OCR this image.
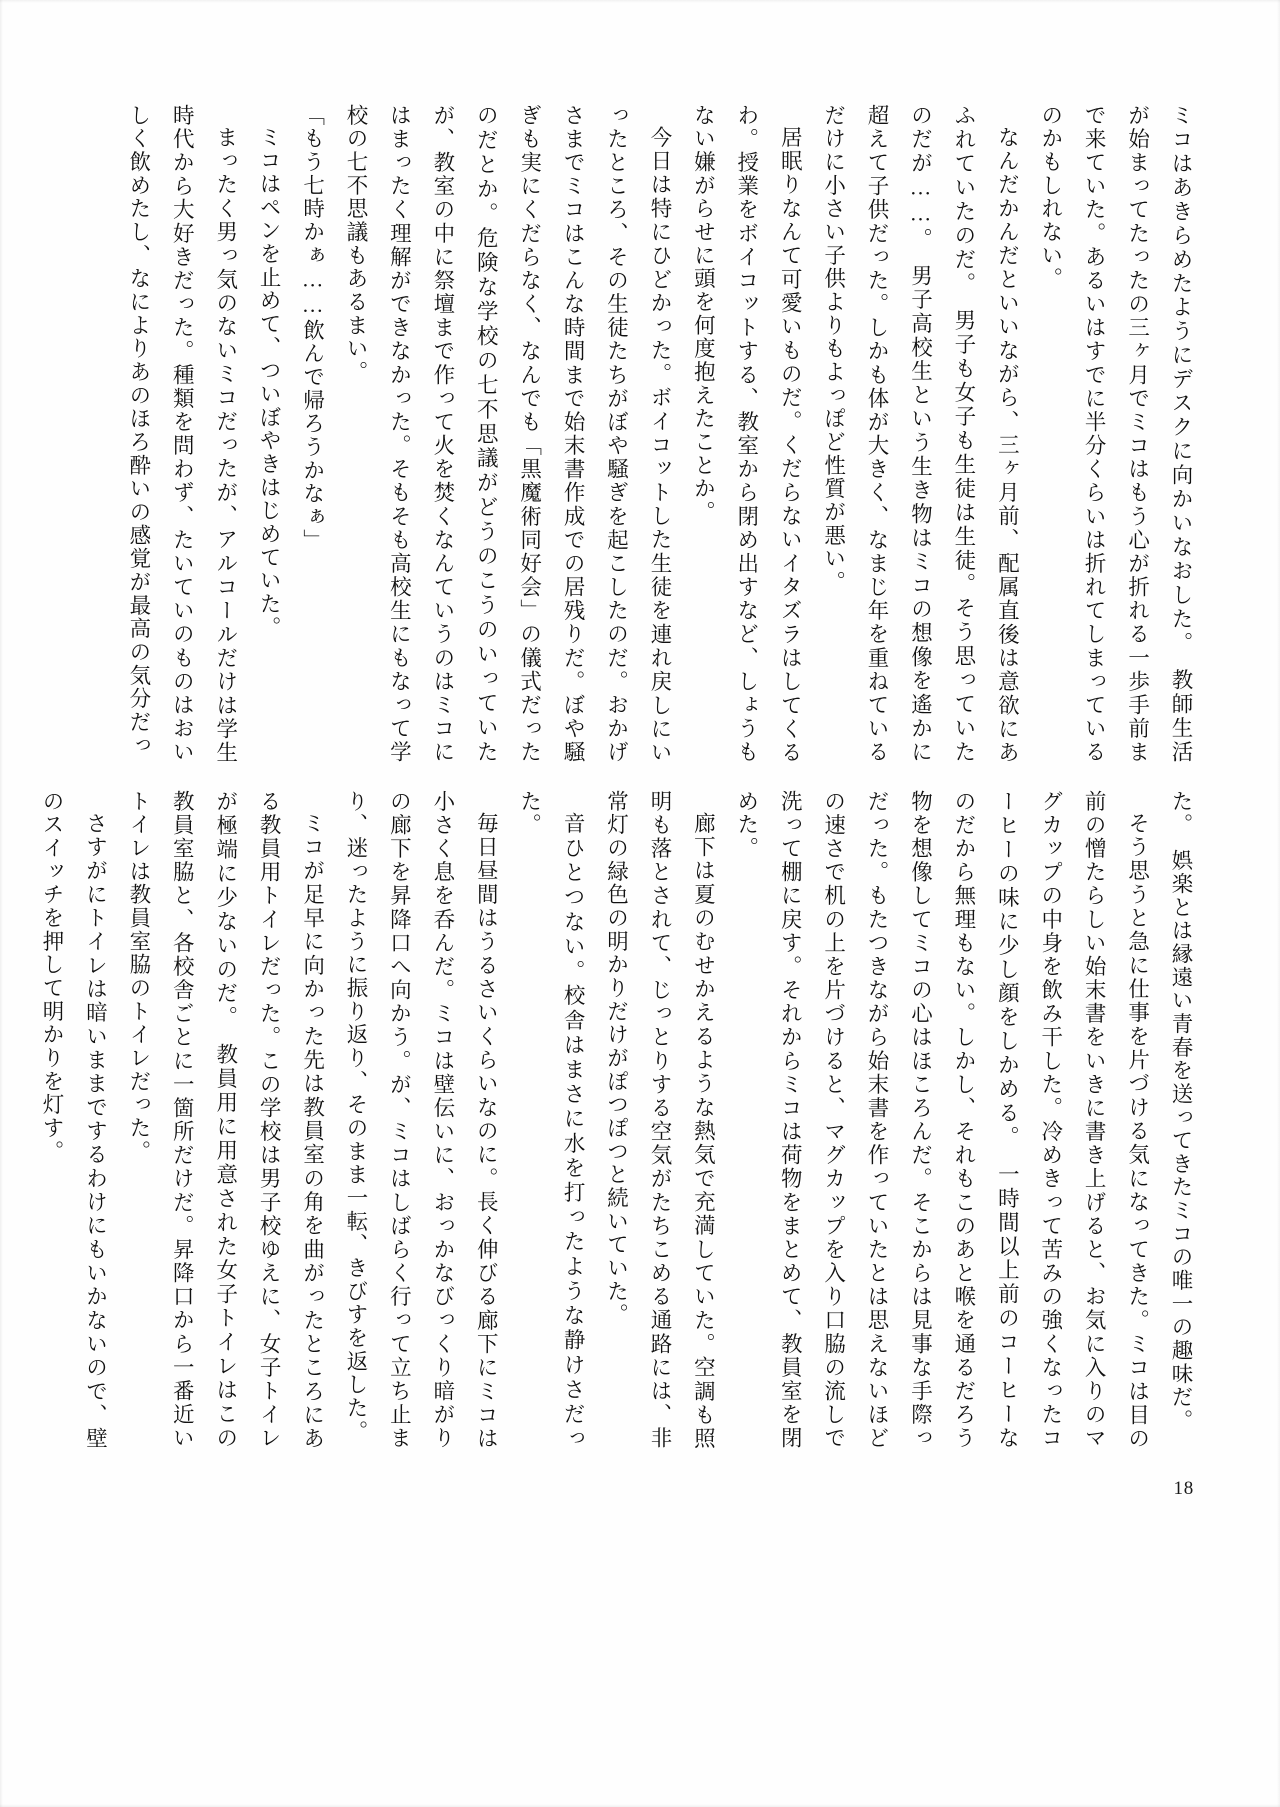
ミコはあきらめたようにデスクに向かいなおした。　教師生活が始まってたったの三ヶ月でミコはもう心が折れる一歩手前まで来ていた。あるいはすでに半分くらいは折れてしまっているのかもしれない。

なんだかんだといいながら、三ヶ月前、配属直後は意欲にあふれていたのだ。　男子も女子も生徒は生徒。そう思っていたのだが……。　男子高校生という生き物はミコの想像を遙かに超えて子供だった。しかも体が大きく、なまじ年を重ねているだけに小さい子供よりもよっぽど性質が悪い。

居眠りなんて可愛いものだ。くだらないイタズラはしてくるわ。授業をボイコットする、教室から閉め出すなど、しょうもない嫌がらせに頭を何度抱えたことか。

今日は特にひどかった。ボイコットした生徒を連れ戻しにいったところ、その生徒たちがぼや騒ぎを起こしたのだ。おかげさまでミコはこんな時間まで始末書作成での居残りだ。ぼや騒ぎも実にくだらなく、なんでも「黒魔術同好会」の儀式だったのだとか。危険な学校の七不思議がどうのこうのいっていたが、教室の中に祭壇まで作って火を焚くなんていうのはミコにはまったく理解ができなかった。そもそも高校生にもなって学校の七不思議もあるまい。

「もう七時かぁ……飲んで帰ろうかなぁ」

ミコはペンを止めて、ついぼやきはじめていた。

まったく男っ気のないミコだったが、アルコールだけは学生時代から大好きだった。種類を問わず、たいていのものはおいしく飲めたし、なによりあのほろ酔いの感覚が最高の気分だっ

た。　娯楽とは縁遠い青春を送ってきたミコの唯一の趣味だ。

そう思うと急に仕事を片づける気になってきた。ミコは目の前の憎たらしい始末書をいきに書き上げると、お気に入りのマグカップの中身を飲み干した。冷めきって苦みの強くなったコーヒーの味に少し顔をしかめる。　一時間以上前のコーヒーなのだから無理もない。しかし、それもこのあと喉を通るだろう物を想像してミコの心はほころんだ。そこからは見事な手際っだった。もたつきながら始末書を作っていたとは思えないほどの速さで机の上を片づけると、マグカップを入り口脇の流しで洗って棚に戻す。それからミコは荷物をまとめて、教員室を閉めた。

廊下は夏のむせかえるような熱気で充満していた。空調も照明も落とされて、じっとりする空気がたちこめる通路には、非常灯の緑色の明かりだけがぽつぽつと続いていた。

音ひとつない。校舎はまさに水を打ったような静けさだった。

毎日昼間はうるさいくらいなのに。長く伸びる廊下にミコは小さく息を呑んだ。ミコは壁伝いに、おっかなびっくり暗がりの廊下を昇降口へ向かう。が、ミコはしばらく行って立ち止まり、迷ったように振り返り、そのまま一転、きびすを返した。

ミコが足早に向かった先は教員室の角を曲がったところにある教員用トイレだった。この学校は男子校ゆえに、女子トイレが極端に少ないのだ。　教員用に用意された女子トイレはこの教員室脇と、各校舎ごとに一箇所だけだ。昇降口から一番近いトイレは教員室脇のトイレだった。

さすがにトイレは暗いままでするわけにもいかないので、壁のスイッチを押して明かりを灯す。

18
